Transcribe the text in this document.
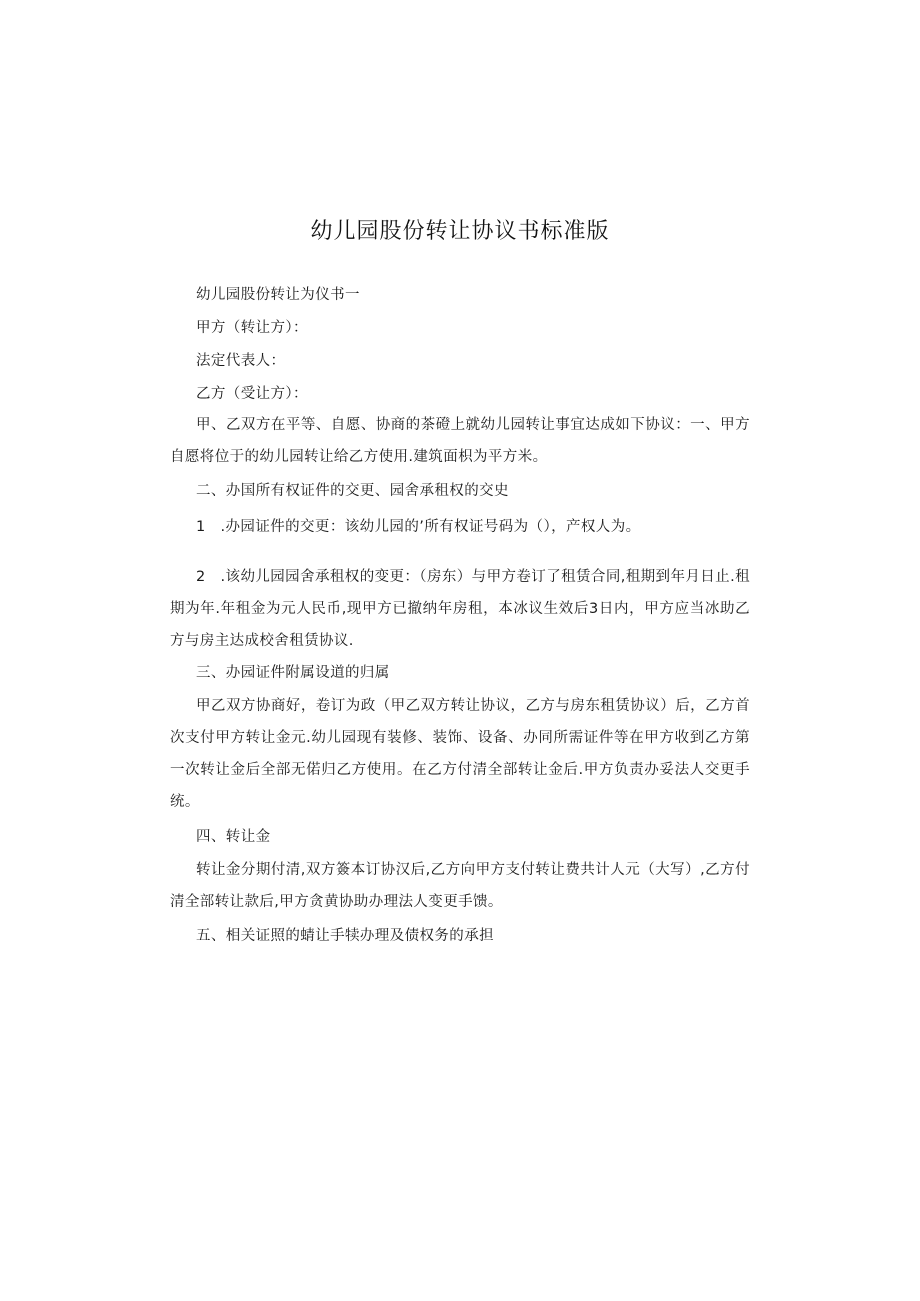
幼儿园股份转让协议书标准版

幼儿园股份转让为仪书一

甲方（转让方）：

法定代表人：

乙方（受让方）：

甲、乙双方在平等、自愿、协商的茶磴上就幼儿园转让事宜达成如下协议：一、甲方自愿将位于的幼儿园转让给乙方使用.建筑面枳为平方米。

二、办国所有权证件的交更、园舍承租权的交史

1　.办园证件的交更：该幼儿园的’所有权证号码为（），产权人为。

2　.该幼儿园园舍承租权的变更：（房东）与甲方卷订了租赁合同,租期到年月日止.租期为年.年租金为元人民币,现甲方已撤纳年房租，本冰议生效后3日内，甲方应当冰助乙方与房主达成校舍租赁协议.

三、办园证件附属设道的归属

甲乙双方协商好，卷订为政（甲乙双方转让协议，乙方与房东租赁协议）后，乙方首次支付甲方转让金元.幼儿园现有装修、装饰、设备、办同所需证件等在甲方收到乙方第一次转让金后全部无偌归乙方使用。在乙方付清全部转让金后.甲方负责办妥法人交更手统。

四、转让金

转让金分期付清,双方簽本订协汉后,乙方向甲方支付转让费共计人元（大写）,乙方付清全部转让款后,甲方贪黄协助办理法人变更手馈。

五、相关证照的蜻让手犊办理及债权务的承担
